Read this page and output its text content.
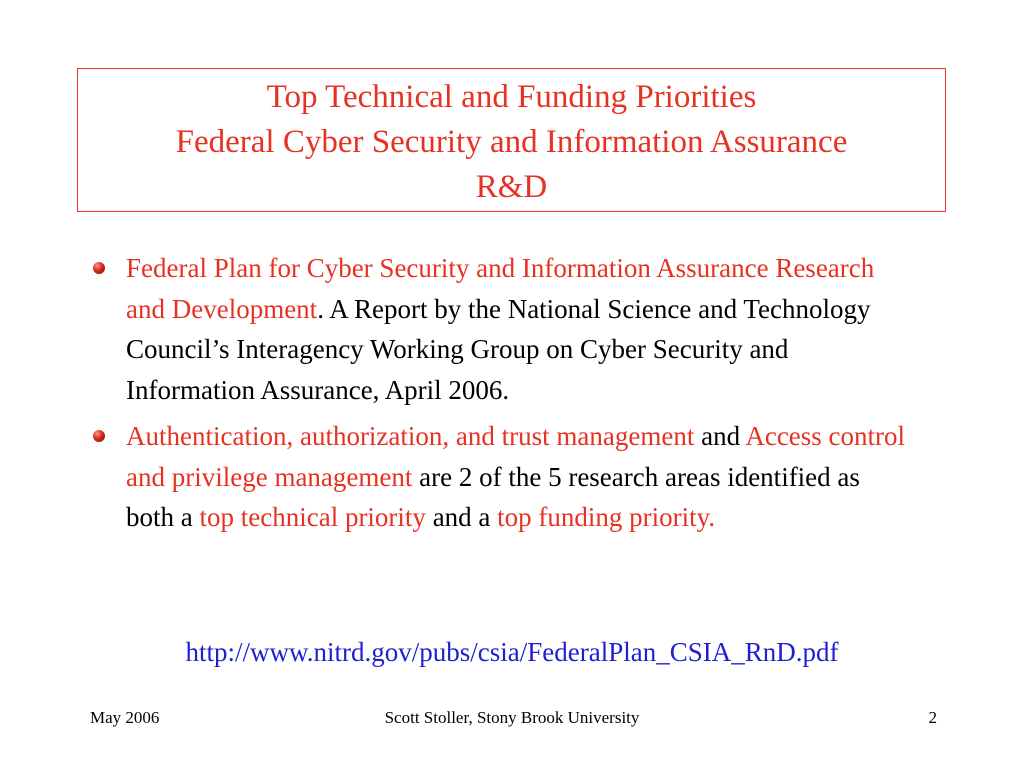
Top Technical and Funding Priorities
Federal Cyber Security and Information Assurance
R&D
Federal Plan for Cyber Security and Information Assurance Research and Development. A Report by the National Science and Technology Council’s Interagency Working Group on Cyber Security and Information Assurance, April 2006.
Authentication, authorization, and trust management and Access control and privilege management are 2 of the 5 research areas identified as both a top technical priority and a top funding priority.
http://www.nitrd.gov/pubs/csia/FederalPlan_CSIA_RnD.pdf
May 2006	Scott Stoller, Stony Brook University	2
